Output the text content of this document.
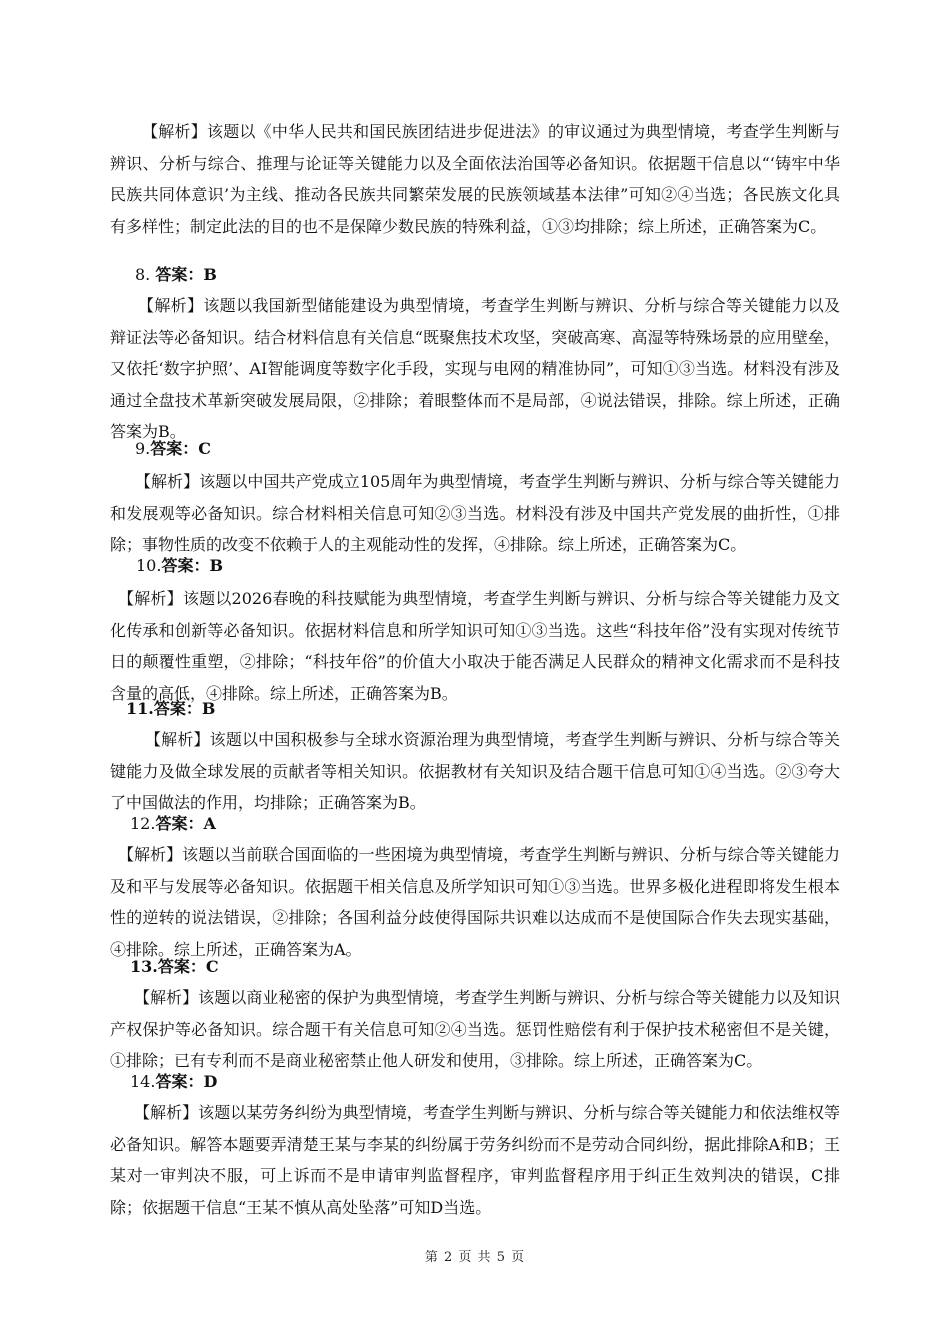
【解析】该题以《中华人民共和国民族团结进步促进法》的审议通过为典型情境，考查学生判断与辨识、分析与综合、推理与论证等关键能力以及全面依法治国等必备知识。依据题干信息以“‘铸牢中华民族共同体意识’为主线、推动各民族共同繁荣发展的民族领域基本法律”可知②④当选；各民族文化具有多样性；制定此法的目的也不是保障少数民族的特殊利益，①③均排除；综上所述，正确答案为C。

8. 答案：B

【解析】该题以我国新型储能建设为典型情境，考查学生判断与辨识、分析与综合等关键能力以及辩证法等必备知识。结合材料信息有关信息“既聚焦技术攻坚，突破高寒、高湿等特殊场景的应用壁垒，又依托‘数字护照’、AI智能调度等数字化手段，实现与电网的精准协同”，可知①③当选。材料没有涉及通过全盘技术革新突破发展局限，②排除；着眼整体而不是局部，④说法错误，排除。综上所述，正确答案为B。

9.答案：C

【解析】该题以中国共产党成立105周年为典型情境，考查学生判断与辨识、分析与综合等关键能力和发展观等必备知识。综合材料相关信息可知②③当选。材料没有涉及中国共产党发展的曲折性，①排除；事物性质的改变不依赖于人的主观能动性的发挥，④排除。综上所述，正确答案为C。

10.答案：B

【解析】该题以2026春晚的科技赋能为典型情境，考查学生判断与辨识、分析与综合等关键能力及文化传承和创新等必备知识。依据材料信息和所学知识可知①③当选。这些“科技年俗”没有实现对传统节日的颠覆性重塑，②排除；“科技年俗”的价值大小取决于能否满足人民群众的精神文化需求而不是科技含量的高低，④排除。综上所述，正确答案为B。

11.答案：B

【解析】该题以中国积极参与全球水资源治理为典型情境，考查学生判断与辨识、分析与综合等关键能力及做全球发展的贡献者等相关知识。依据教材有关知识及结合题干信息可知①④当选。②③夸大了中国做法的作用，均排除；正确答案为B。

12.答案：A

【解析】该题以当前联合国面临的一些困境为典型情境，考查学生判断与辨识、分析与综合等关键能力及和平与发展等必备知识。依据题干相关信息及所学知识可知①③当选。世界多极化进程即将发生根本性的逆转的说法错误，②排除；各国利益分歧使得国际共识难以达成而不是使国际合作失去现实基础，④排除。综上所述，正确答案为A。

13.答案：C

【解析】该题以商业秘密的保护为典型情境，考查学生判断与辨识、分析与综合等关键能力以及知识产权保护等必备知识。综合题干有关信息可知②④当选。惩罚性赔偿有利于保护技术秘密但不是关键，①排除；已有专利而不是商业秘密禁止他人研发和使用，③排除。综上所述，正确答案为C。

14.答案：D

【解析】该题以某劳务纠纷为典型情境，考查学生判断与辨识、分析与综合等关键能力和依法维权等必备知识。解答本题要弄清楚王某与李某的纠纷属于劳务纠纷而不是劳动合同纠纷，据此排除A和B；王某对一审判决不服，可上诉而不是申请审判监督程序，审判监督程序用于纠正生效判决的错误，C排除；依据题干信息“王某不慎从高处坠落”可知D当选。

第 2 页 共 5 页
